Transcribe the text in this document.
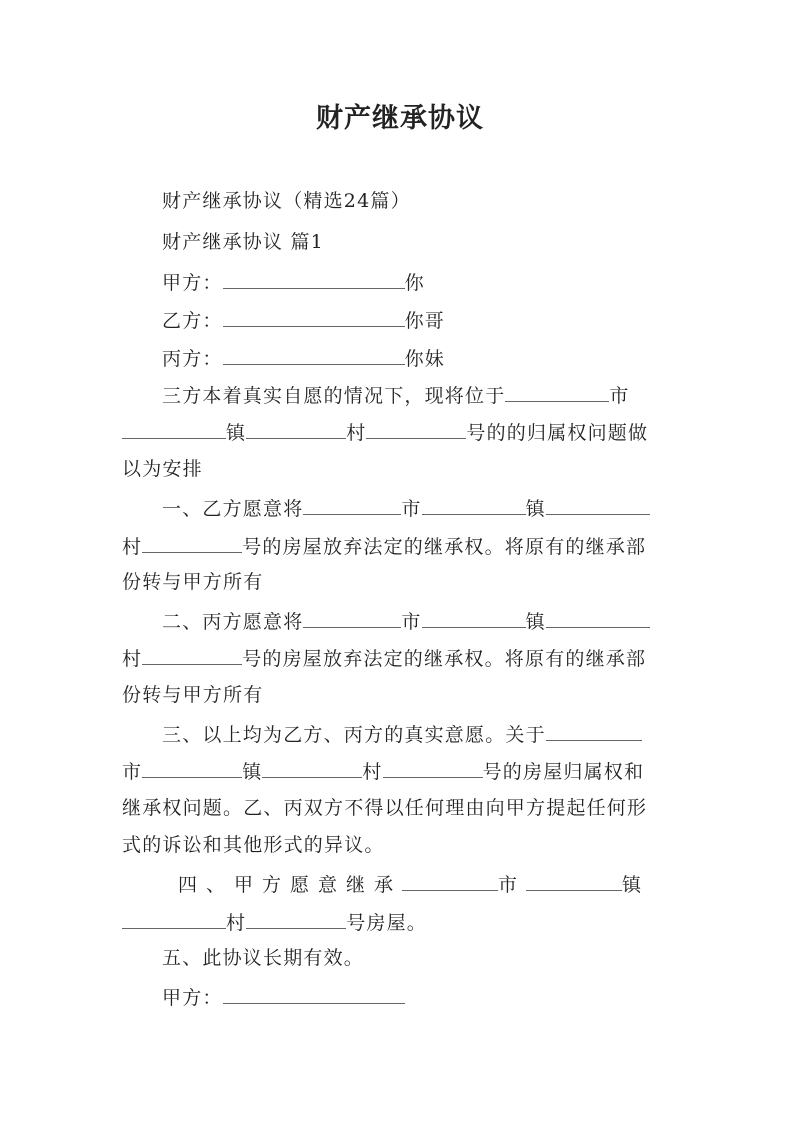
财产继承协议
财产继承协议（精选24篇）
财产继承协议 篇1
甲方：	你
乙方：	你哥
丙方：	你妹
三方本着真实自愿的情况下，现将位于	市
镇	村	号的的归属权问题做
以为安排
一、乙方愿意将	市	镇
村	号的房屋放弃法定的继承权。将原有的继承部
份转与甲方所有
二、丙方愿意将	市	镇
村	号的房屋放弃法定的继承权。将原有的继承部
份转与甲方所有
三、以上均为乙方、丙方的真实意愿。关于
市	镇	村	号的房屋归属权和
继承权问题。乙、丙双方不得以任何理由向甲方提起任何形
式的诉讼和其他形式的异议。
四、甲方愿意继承	市	镇
村	号房屋。
五、此协议长期有效。
甲方：
